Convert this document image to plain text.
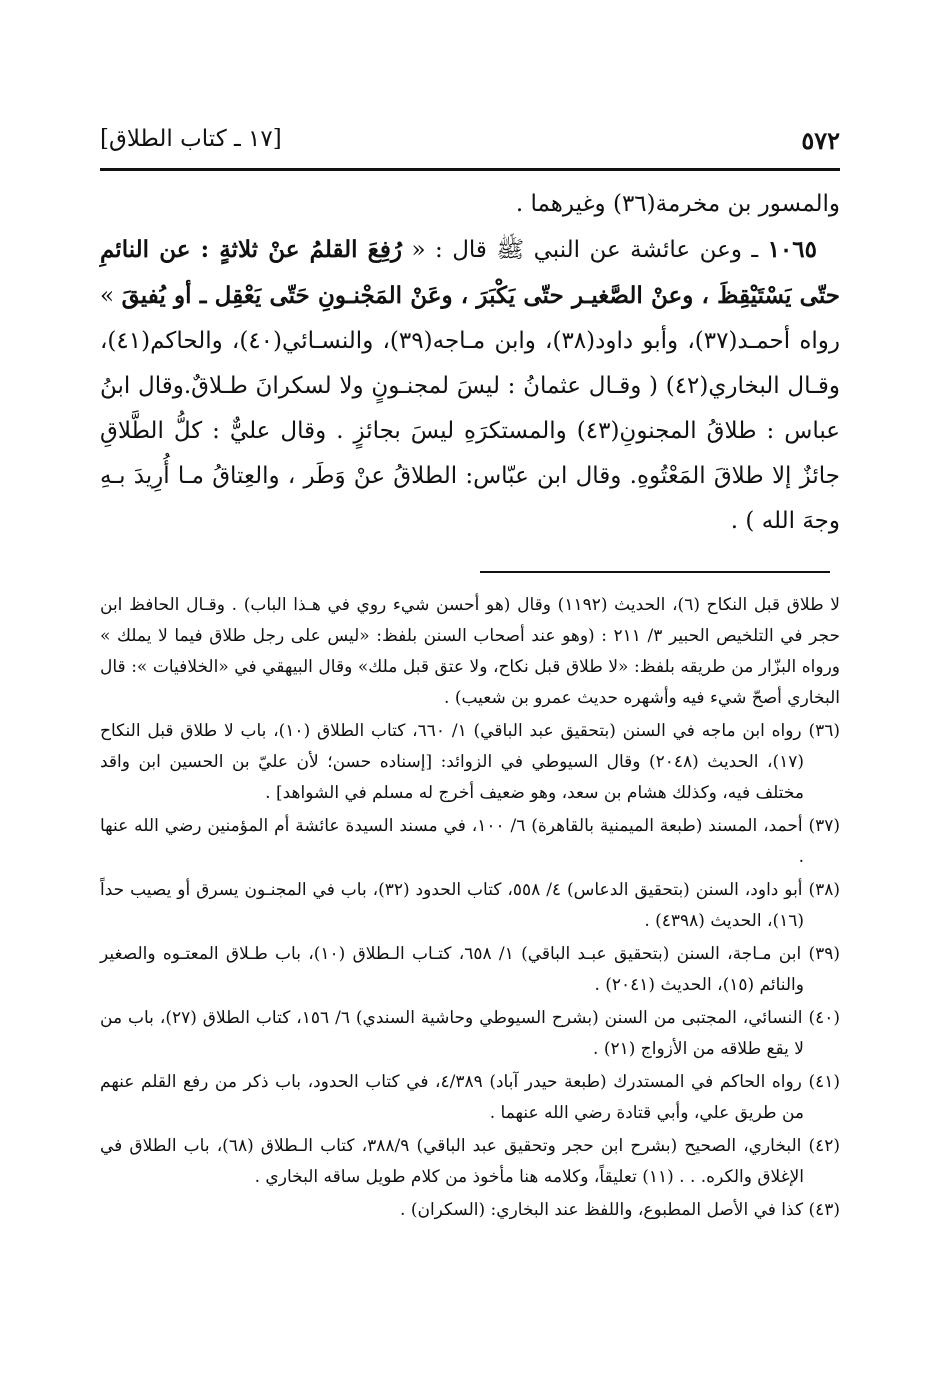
٥٧٢
[١٧ ـ كتاب الطلاق]

والمسور بن مخرمة(٣٦) وغيرهما .

 ١٠٦٥ ـ وعن عائشة عن النبي ﷺ قال : « رُفِعَ القلمُ عنْ ثلاثةٍ : عن النائمِ حتّى يَسْتَيْقِظَ ، وعنْ الصَّغيـر حتّى يَكْبَرَ ، وعَنْ المَجْنـونِ حَتّى يَعْقِل ـ أو يُفيقَ » رواه أحمـد(٣٧)، وأبو داود(٣٨)، وابن مـاجه(٣٩)، والنسـائي(٤٠)، والحاكم(٤١)، وقـال البخاري(٤٢) ( وقـال عثمانُ : ليسَ لمجنـونٍ ولا لسكرانَ طـلاقٌ.وقال ابنُ عباس : طلاقُ المجنونِ(٤٣) والمستكرَهِ ليسَ بجائزٍ . وقال عليٌّ : كلُّ الطَّلاقِ جائزٌ إلا طلاقَ المَعْتُوهِ. وقال ابن عبّاس: الطلاقُ عنْ وَطَر ، والعِتاقُ مـا أُرِيدَ بـهِ وجهَ الله ) .

لا طلاق قبل النكاح (٦)، الحديث (١١٩٢) وقال (هو أحسن شيء روي في هـذا الباب) . وقـال الحافظ ابن حجر في التلخيص الحبير ٣/ ٢١١ : (وهو عند أصحاب السنن بلفظ: «ليس على رجل طلاق فيما لا يملك » ورواه البزّار من طريقه بلفظ: «لا طلاق قبل نكاح، ولا عتق قبل ملك» وقال البيهقي في «الخلافيات »: قال البخاري أصحّ شيء فيه وأشهره حديث عمرو بن شعيب) .

(٣٦) رواه ابن ماجه في السنن (بتحقيق عبد الباقي) ١/ ٦٦٠، كتاب الطلاق (١٠)، باب لا طلاق قبل النكاح (١٧)، الحديث (٢٠٤٨) وقال السيوطي في الزوائد: [إسناده حسن؛ لأن عليّ بن الحسين ابن واقد مختلف فيه، وكذلك هشام بن سعد، وهو ضعيف أخرج له مسلم في الشواهد] .

(٣٧) أحمد، المسند (طبعة الميمنية بالقاهرة) ٦/ ١٠٠، في مسند السيدة عائشة أم المؤمنين رضي الله عنها .

(٣٨) أبو داود، السنن (بتحقيق الدعاس) ٤/ ٥٥٨، كتاب الحدود (٣٢)، باب في المجنـون يسرق أو يصيب حداً (١٦)، الحديث (٤٣٩٨) .

(٣٩) ابن مـاجة، السنن (بتحقيق عبـد الباقي) ١/ ٦٥٨، كتـاب الـطلاق (١٠)، باب طـلاق المعتـوه والصغير والنائم (١٥)، الحديث (٢٠٤١) .

(٤٠) النسائي، المجتبى من السنن (بشرح السيوطي وحاشية السندي) ٦/ ١٥٦، كتاب الطلاق (٢٧)، باب من لا يقع طلاقه من الأزواج (٢١) .

(٤١) رواه الحاكم في المستدرك (طبعة حيدر آباد) ٤/٣٨٩، في كتاب الحدود، باب ذكر من رفع القلم عنهم من طريق علي، وأبي قتادة رضي الله عنهما .

(٤٢) البخاري، الصحيح (بشرح ابن حجر وتحقيق عبد الباقي) ٣٨٨/٩، كتاب الـطلاق (٦٨)، باب الطلاق في الإغلاق والكره. . . (١١) تعليقاً، وكلامه هنا مأخوذ من كلام طويل ساقه البخاري .

(٤٣) كذا في الأصل المطبوع، واللفظ عند البخاري: (السكران) .
